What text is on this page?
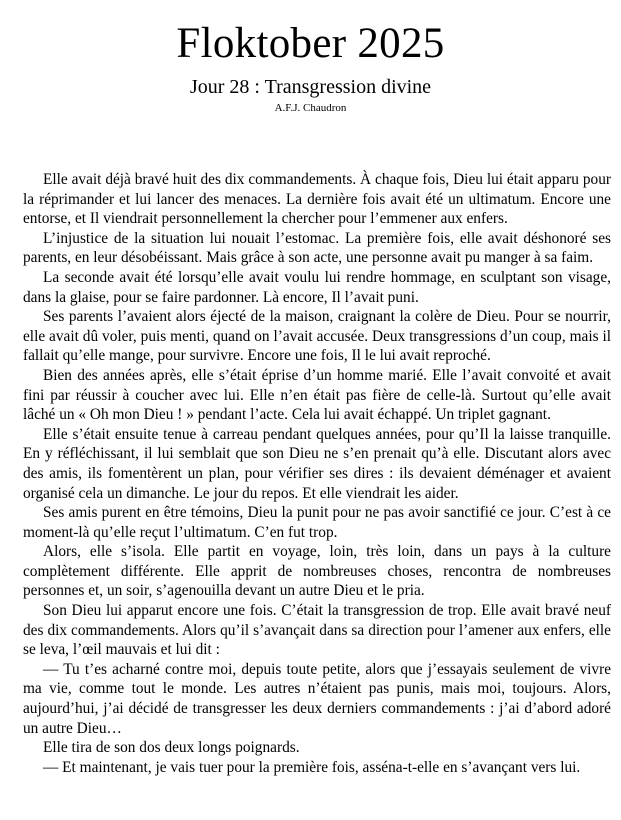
Floktober 2025
Jour 28 : Transgression divine
A.F.J. Chaudron

Elle avait déjà bravé huit des dix commandements. À chaque fois, Dieu lui était apparu pour la réprimander et lui lancer des menaces. La dernière fois avait été un ultimatum. Encore une entorse, et Il viendrait personnellement la chercher pour l’emmener aux enfers.

L’injustice de la situation lui nouait l’estomac. La première fois, elle avait déshonoré ses parents, en leur désobéissant. Mais grâce à son acte, une personne avait pu manger à sa faim.

La seconde avait été lorsqu’elle avait voulu lui rendre hommage, en sculptant son visage, dans la glaise, pour se faire pardonner. Là encore, Il l’avait puni.

Ses parents l’avaient alors éjecté de la maison, craignant la colère de Dieu. Pour se nourrir, elle avait dû voler, puis menti, quand on l’avait accusée. Deux transgressions d’un coup, mais il fallait qu’elle mange, pour survivre. Encore une fois, Il le lui avait reproché.

Bien des années après, elle s’était éprise d’un homme marié. Elle l’avait convoité et avait fini par réussir à coucher avec lui. Elle n’en était pas fière de celle-là. Surtout qu’elle avait lâché un « Oh mon Dieu ! » pendant l’acte. Cela lui avait échappé. Un triplet gagnant.

Elle s’était ensuite tenue à carreau pendant quelques années, pour qu’Il la laisse tranquille. En y réfléchissant, il lui semblait que son Dieu ne s’en prenait qu’à elle. Discutant alors avec des amis, ils fomentèrent un plan, pour vérifier ses dires : ils devaient déménager et avaient organisé cela un dimanche. Le jour du repos. Et elle viendrait les aider.

Ses amis purent en être témoins, Dieu la punit pour ne pas avoir sanctifié ce jour. C’est à ce moment-là qu’elle reçut l’ultimatum. C’en fut trop.

Alors, elle s’isola. Elle partit en voyage, loin, très loin, dans un pays à la culture complètement différente. Elle apprit de nombreuses choses, rencontra de nombreuses personnes et, un soir, s’agenouilla devant un autre Dieu et le pria.

Son Dieu lui apparut encore une fois. C’était la transgression de trop. Elle avait bravé neuf des dix commandements. Alors qu’il s’avançait dans sa direction pour l’amener aux enfers, elle se leva, l’œil mauvais et lui dit :

— Tu t’es acharné contre moi, depuis toute petite, alors que j’essayais seulement de vivre ma vie, comme tout le monde. Les autres n’étaient pas punis, mais moi, toujours. Alors, aujourd’hui, j’ai décidé de transgresser les deux derniers commandements : j’ai d’abord adoré un autre Dieu…

Elle tira de son dos deux longs poignards.

— Et maintenant, je vais tuer pour la première fois, asséna-t-elle en s’avançant vers lui.
